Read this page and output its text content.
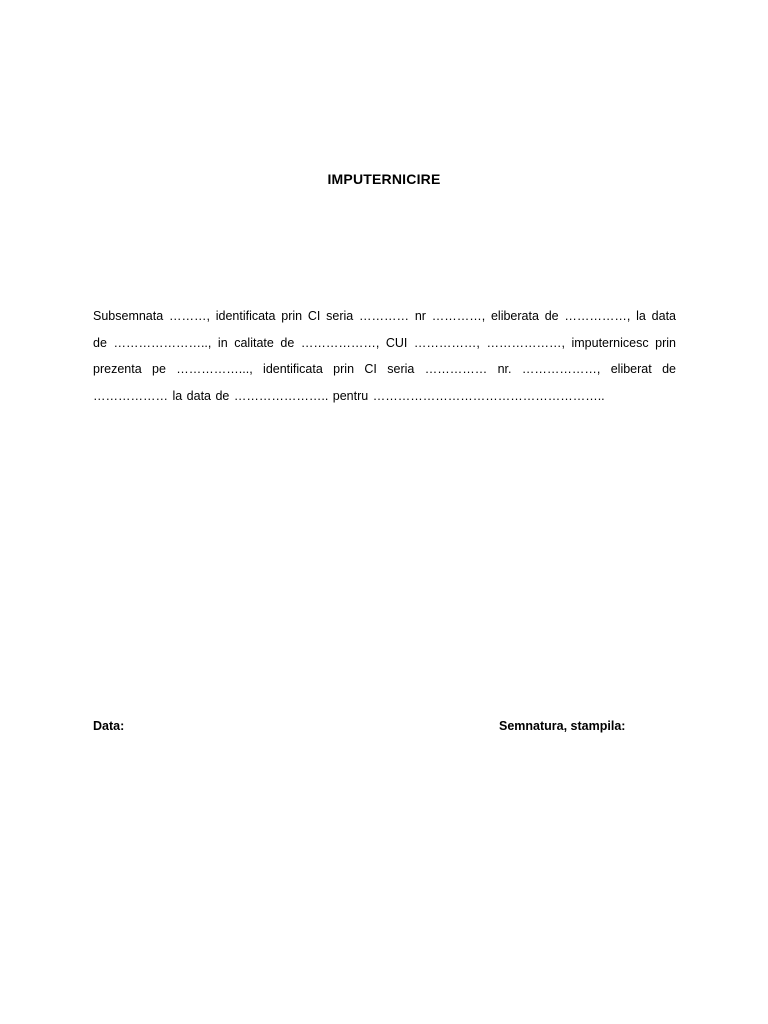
IMPUTERNICIRE
Subsemnata ………, identificata prin CI seria ………… nr …………, eliberata de ……………, la data de ………………….., in calitate de ………………, CUI ……………, ………………, imputernicesc prin prezenta pe ……………..., identificata prin CI seria …………… nr. ………………, eliberat de ……………… la data de ………………….. pentru ………………………………………………..
Data:	Semnatura, stampila:
